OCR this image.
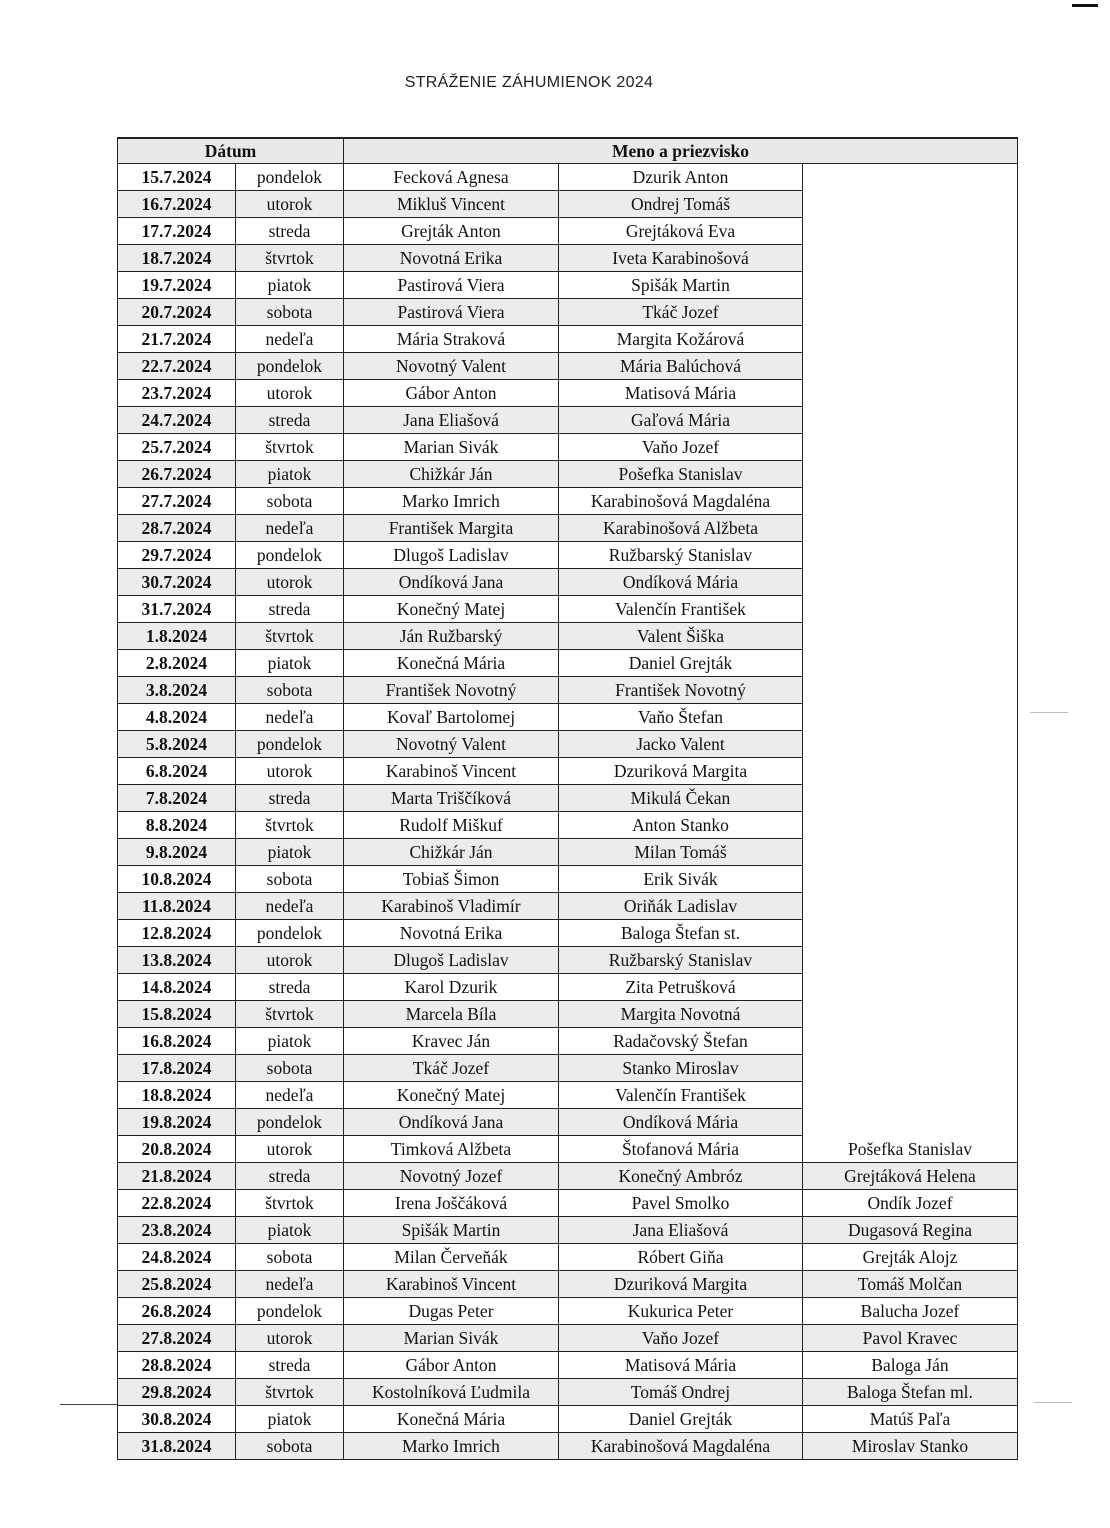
STRÁŽENIE ZÁHUMIENOK 2024
Dátum		Meno a priezvisko		
15.7.2024	pondelok	Fecková Agnesa	Dzurik Anton	
16.7.2024	utorok	Mikluš Vincent	Ondrej Tomáš	
17.7.2024	streda	Grejták Anton	Grejtáková Eva	
18.7.2024	štvrtok	Novotná Erika	Iveta Karabinošová	
19.7.2024	piatok	Pastirová Viera	Spišák Martin	
20.7.2024	sobota	Pastirová Viera	Tkáč Jozef	
21.7.2024	nedeľa	Mária Straková	Margita Kožárová	
22.7.2024	pondelok	Novotný Valent	Mária Balúchová	
23.7.2024	utorok	Gábor Anton	Matisová Mária	
24.7.2024	streda	Jana Eliašová	Gaľová Mária	
25.7.2024	štvrtok	Marian Sivák	Vaňo Jozef	
26.7.2024	piatok	Chižkár Ján	Pošefka Stanislav	
27.7.2024	sobota	Marko Imrich	Karabinošová Magdaléna	
28.7.2024	nedeľa	František Margita	Karabinošová Alžbeta	
29.7.2024	pondelok	Dlugoš Ladislav	Ružbarský Stanislav	
30.7.2024	utorok	Ondíková Jana	Ondíková Mária	
31.7.2024	streda	Konečný Matej	Valenčín František	
1.8.2024	štvrtok	Ján Ružbarský	Valent Šiška	
2.8.2024	piatok	Konečná Mária	Daniel Grejták	
3.8.2024	sobota	František Novotný	František Novotný	
4.8.2024	nedeľa	Kovaľ Bartolomej	Vaňo Štefan	
5.8.2024	pondelok	Novotný Valent	Jacko Valent	
6.8.2024	utorok	Karabinoš Vincent	Dzuriková Margita	
7.8.2024	streda	Marta Triščíková	Mikulá Čekan	
8.8.2024	štvrtok	Rudolf Miškuf	Anton Stanko	
9.8.2024	piatok	Chižkár Ján	Milan Tomáš	
10.8.2024	sobota	Tobiaš Šimon	Erik Sivák	
11.8.2024	nedeľa	Karabinoš Vladimír	Oriňák Ladislav	
12.8.2024	pondelok	Novotná Erika	Baloga Štefan st.	
13.8.2024	utorok	Dlugoš Ladislav	Ružbarský Stanislav	
14.8.2024	streda	Karol Dzurik	Zita Petrušková	
15.8.2024	štvrtok	Marcela Bíla	Margita Novotná	
16.8.2024	piatok	Kravec Ján	Radačovský Štefan	
17.8.2024	sobota	Tkáč Jozef	Stanko Miroslav	
18.8.2024	nedeľa	Konečný Matej	Valenčín František	
19.8.2024	pondelok	Ondíková Jana	Ondíková Mária	
20.8.2024	utorok	Timková Alžbeta	Štofanová Mária	Pošefka Stanislav
21.8.2024	streda	Novotný Jozef	Konečný Ambróz	Grejtáková Helena
22.8.2024	štvrtok	Irena Joščáková	Pavel Smolko	Ondík Jozef
23.8.2024	piatok	Spišák Martin	Jana Eliašová	Dugasová Regina
24.8.2024	sobota	Milan Červeňák	Róbert Giňa	Grejták Alojz
25.8.2024	nedeľa	Karabinoš Vincent	Dzuriková Margita	Tomáš Molčan
26.8.2024	pondelok	Dugas Peter	Kukurica Peter	Balucha Jozef
27.8.2024	utorok	Marian Sivák	Vaňo Jozef	Pavol Kravec
28.8.2024	streda	Gábor Anton	Matisová Mária	Baloga Ján
29.8.2024	štvrtok	Kostolníková Ľudmila	Tomáš Ondrej	Baloga Štefan ml.
30.8.2024	piatok	Konečná Mária	Daniel Grejták	Matúš Paľa
31.8.2024	sobota	Marko Imrich	Karabinošová Magdaléna	Miroslav Stanko
